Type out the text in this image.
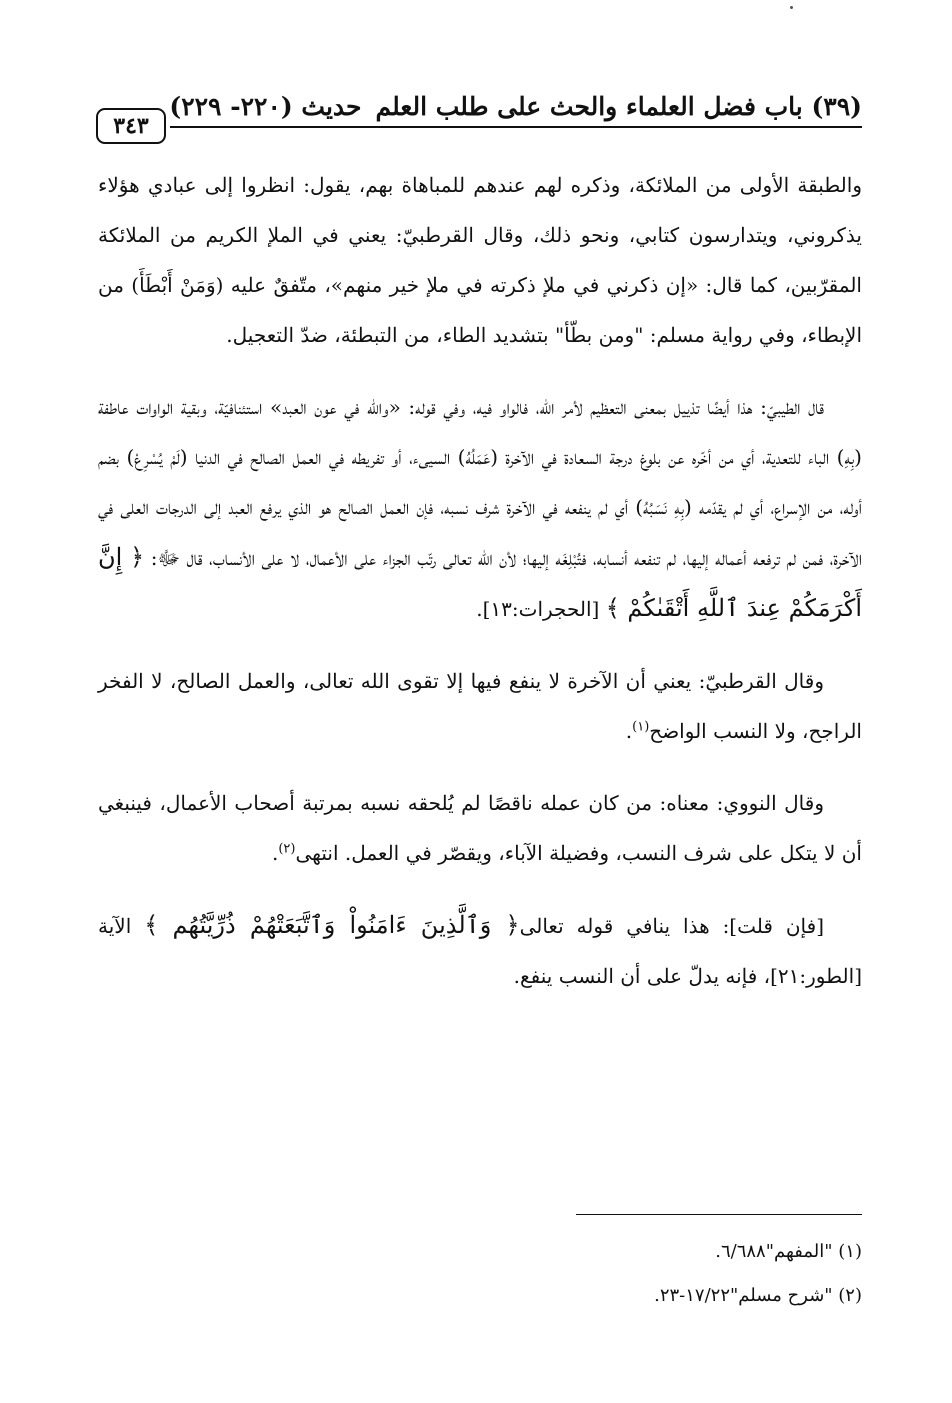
(٣٩) باب فضل العلماء والحث على طلب العلمحديث (٢٢٠- ٢٢٩)
٣٤٣

والطبقة الأولى من الملائكة، وذكره لهم عندهم للمباهاة بهم، يقول: انظروا إلى عبادي هؤلاء يذكروني، ويتدارسون كتابي، ونحو ذلك، وقال القرطبيّ: يعني في الملإ الكريم من الملائكة المقرّبين، كما قال: «إن ذكرني في ملإ ذكرته في ملإ خير منهم»، متّفقٌ عليه (وَمَنْ أَبْطَأَ) من الإبطاء، وفي رواية مسلم: "ومن بطّأ" بتشديد الطاء، من التبطئة، ضدّ التعجيل.

قال الطيبيّ: هذا أيضًا تذييل بمعنى التعظيم لأمر الله، فالواو فيه، وفي قوله: «والله في عون العبد» استئنافيّة، وبقية الواوات عاطفة (بِهِ) الباء للتعدية، أي من أخّره عن بلوغ درجة السعادة في الآخرة (عَمَلُهُ) السيىء، أو تفريطه في العمل الصالح في الدنيا (لَمْ يُسْرِعْ) بضم أوله، من الإسراع، أي لم يقدّمه (بِهِ نَسَبُهُ) أي لم ينفعه في الآخرة شرف نسبه، فإن العمل الصالح هو الذي يرفع العبد إلى الدرجات العلى في الآخرة، فمن لم ترفعه أعماله إليها، لم تنفعه أنسابه، فتُبْلِغَه إليها؛ لأن الله تعالى رتّب الجزاء على الأعمال، لا على الأنساب، قال ﷻ: ﴿ إِنَّ أَكْرَمَكُمْ عِندَ ٱللَّهِ أَتْقَىٰكُمْ ﴾ [الحجرات:١٣].

وقال القرطبيّ: يعني أن الآخرة لا ينفع فيها إلا تقوى الله تعالى، والعمل الصالح، لا الفخر الراجح، ولا النسب الواضح$^{(١)}$.

وقال النووي: معناه: من كان عمله ناقصًا لم يُلحقه نسبه بمرتبة أصحاب الأعمال، فينبغي أن لا يتكل على شرف النسب، وفضيلة الآباء، ويقصّر في العمل. انتهى$^{(٢)}$.

[فإن قلت]: هذا ينافي قوله تعالى﴿ وَٱلَّذِينَ ءَامَنُواْ وَٱتَّبَعَتْهُمْ ذُرِّيَّتُهُم ﴾ الآية [الطور:٢١]، فإنه يدلّ على أن النسب ينفع.

(١) "المفهم"٦/٦٨٨.

(٢) "شرح مسلم"١٧/٢٢-٢٣.
